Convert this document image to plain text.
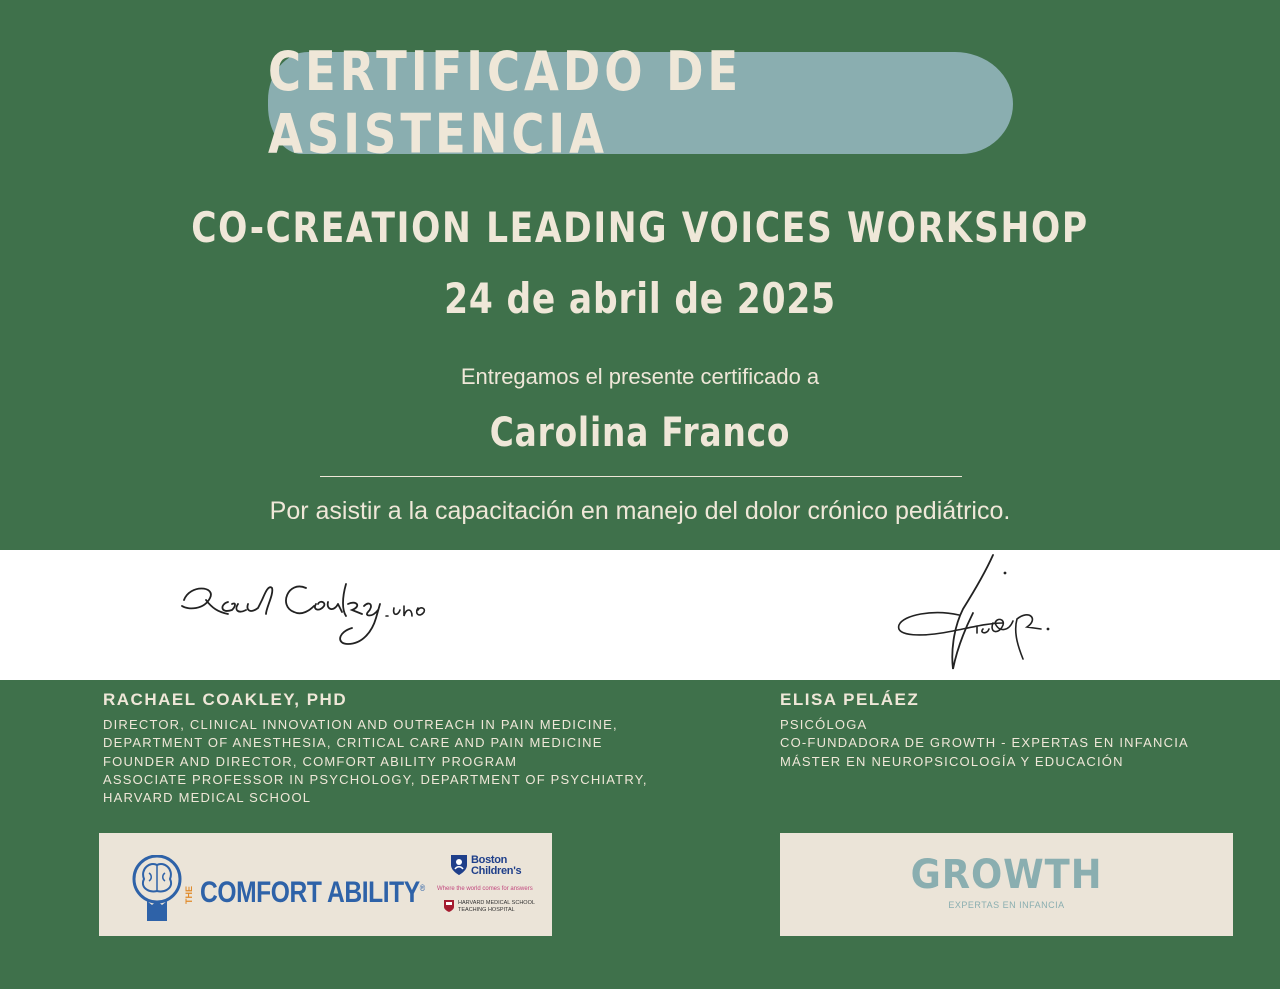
CERTIFICADO DE ASISTENCIA
CO-CREATION LEADING VOICES WORKSHOP
24 de abril de 2025
Entregamos el presente certificado a
Carolina Franco
Por asistir a la capacitación en manejo del dolor crónico pediátrico.
RACHAEL COAKLEY, PHD
DIRECTOR, CLINICAL INNOVATION AND OUTREACH IN PAIN MEDICINE,
DEPARTMENT OF ANESTHESIA, CRITICAL CARE AND PAIN MEDICINE
FOUNDER AND DIRECTOR, COMFORT ABILITY PROGRAM
ASSOCIATE PROFESSOR IN PSYCHOLOGY, DEPARTMENT OF PSYCHIATRY,
HARVARD MEDICAL SCHOOL
ELISA PELÁEZ
PSICÓLOGA
CO-FUNDADORA DE GROWTH - EXPERTAS EN INFANCIA
MÁSTER EN NEUROPSICOLOGÍA Y EDUCACIÓN
THE COMFORT ABILITY®
Boston
Children's
Where the world comes for answers
HARVARD MEDICAL SCHOOL
TEACHING HOSPITAL
GROWTH
EXPERTAS EN INFANCIA
